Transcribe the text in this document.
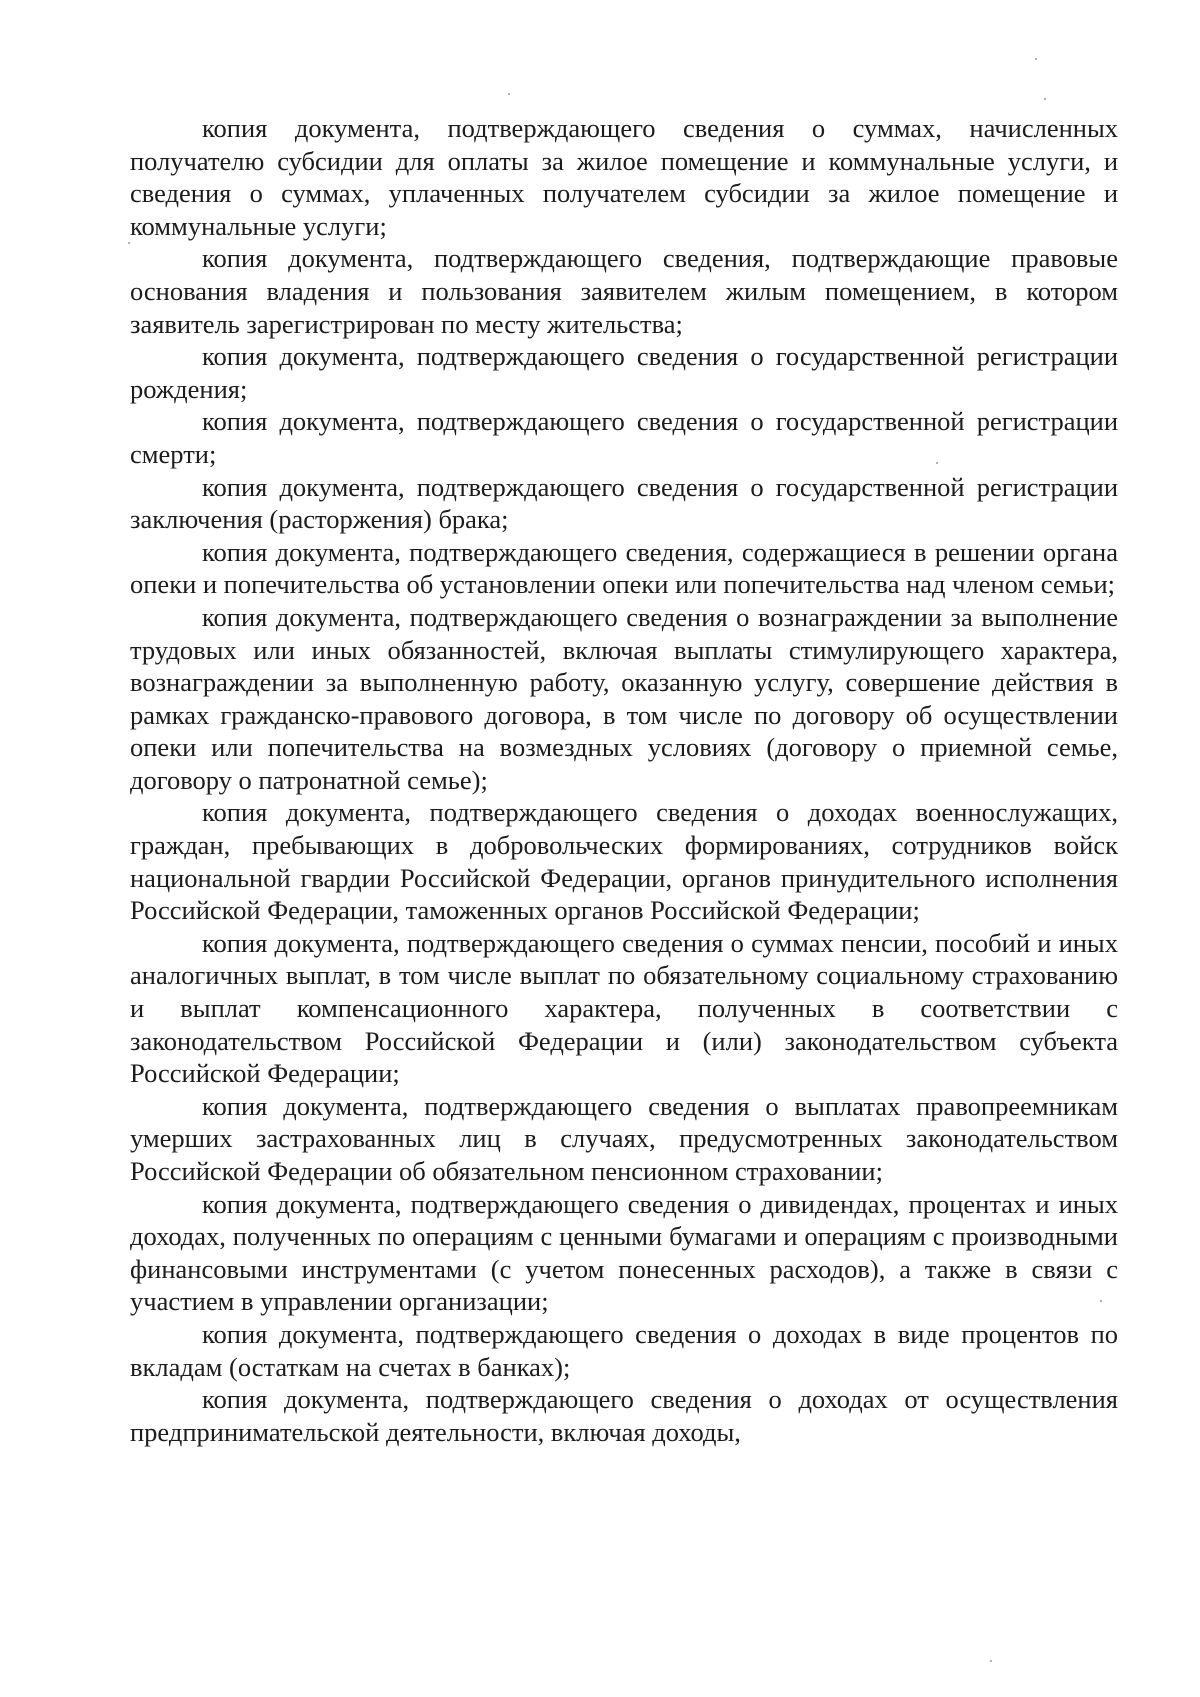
копия документа, подтверждающего сведения о суммах, начисленных получателю субсидии для оплаты за жилое помещение и коммунальные услуги, и сведения о суммах, уплаченных получателем субсидии за жилое помещение и коммунальные услуги;

копия документа, подтверждающего сведения, подтверждающие правовые основания владения и пользования заявителем жилым помещением, в котором заявитель зарегистрирован по месту жительства;

копия документа, подтверждающего сведения о государственной регистрации рождения;

копия документа, подтверждающего сведения о государственной регистрации смерти;

копия документа, подтверждающего сведения о государственной регистрации заключения (расторжения) брака;

копия документа, подтверждающего сведения, содержащиеся в решении органа опеки и попечительства об установлении опеки или попечительства над членом семьи;

копия документа, подтверждающего сведения о вознаграждении за выполнение трудовых или иных обязанностей, включая выплаты стимулирующего характера, вознаграждении за выполненную работу, оказанную услугу, совершение действия в рамках гражданско-правового договора, в том числе по договору об осуществлении опеки или попечительства на возмездных условиях (договору о приемной семье, договору о патронатной семье);

копия документа, подтверждающего сведения о доходах военнослужащих, граждан, пребывающих в добровольческих формированиях, сотрудников войск национальной гвардии Российской Федерации, органов принудительного исполнения Российской Федерации, таможенных органов Российской Федерации;

копия документа, подтверждающего сведения о суммах пенсии, пособий и иных аналогичных выплат, в том числе выплат по обязательному социальному страхованию и выплат компенсационного характера, полученных в соответствии с законодательством Российской Федерации и (или) законодательством субъекта Российской Федерации;

копия документа, подтверждающего сведения о выплатах правопреемникам умерших застрахованных лиц в случаях, предусмотренных законодательством Российской Федерации об обязательном пенсионном страховании;

копия документа, подтверждающего сведения о дивидендах, процентах и иных доходах, полученных по операциям с ценными бумагами и операциям с производными финансовыми инструментами (с учетом понесенных расходов), а также в связи с участием в управлении организации;

копия документа, подтверждающего сведения о доходах в виде процентов по вкладам (остаткам на счетах в банках);

копия документа, подтверждающего сведения о доходах от осуществления предпринимательской деятельности, включая доходы,
